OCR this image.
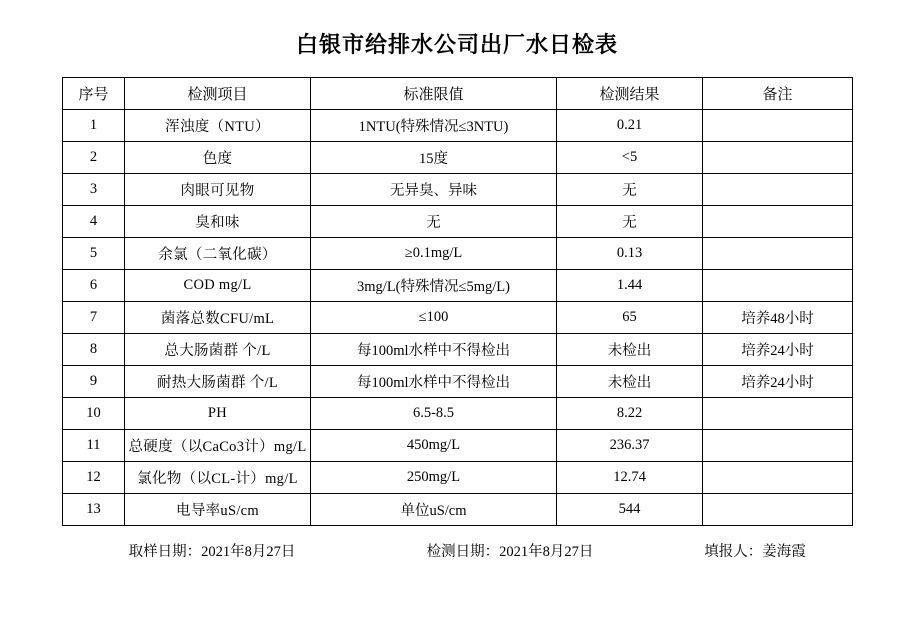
白银市给排水公司出厂水日检表
序号	检测项目	标准限值	检测结果	备注
1	浑浊度（NTU）	1NTU(特殊情况≤3NTU)	0.21	
2	色度	15度	<5	
3	肉眼可见物	无异臭、异味	无	
4	臭和味	无	无	
5	余氯（二氧化碳）	≥0.1mg/L	0.13	
6	COD mg/L	3mg/L(特殊情况≤5mg/L)	1.44	
7	菌落总数CFU/mL	≤100	65	培养48小时
8	总大肠菌群 个/L	每100ml水样中不得检出	未检出	培养24小时
9	耐热大肠菌群 个/L	每100ml水样中不得检出	未检出	培养24小时
10	PH	6.5-8.5	8.22	
11	总硬度（以CaCo3计）mg/L	450mg/L	236.37	
12	氯化物（以CL-计）mg/L	250mg/L	12.74	
13	电导率uS/cm	单位uS/cm	544	
取样日期：2021年8月27日	检测日期：2021年8月27日	填报人：姜海霞
